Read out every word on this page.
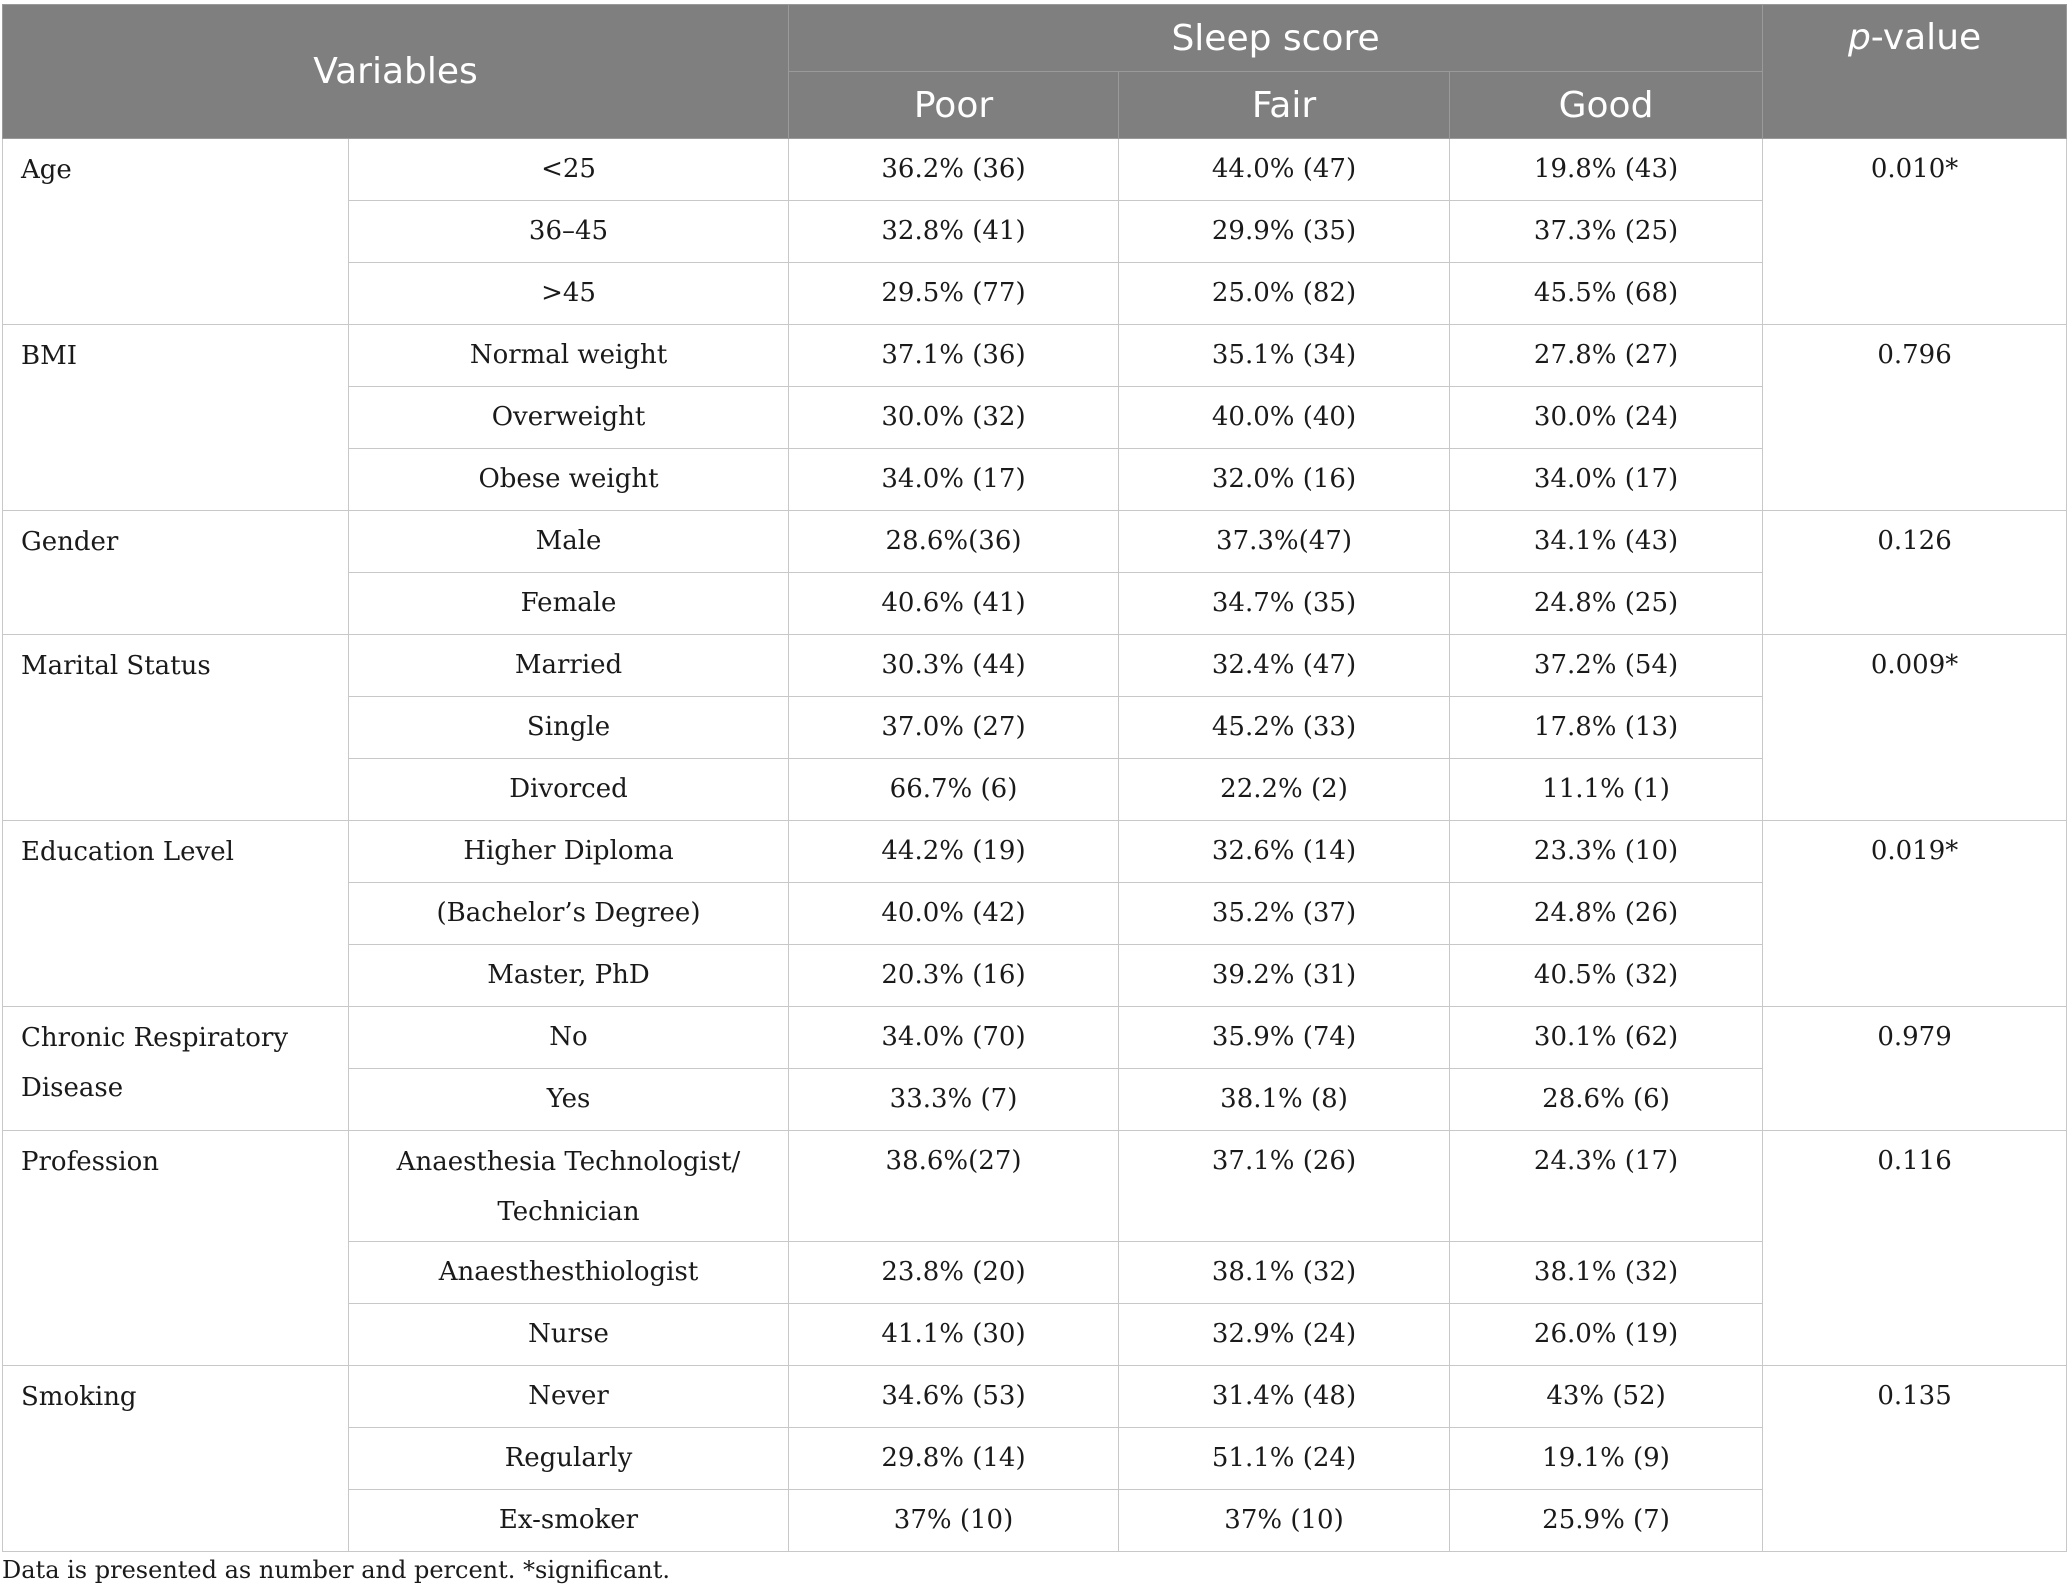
Variables		Sleep score			p-value
		Poor	Fair	Good	
Age	<25	36.2% (36)	44.0% (47)	19.8% (43)	0.010*
	36–45	32.8% (41)	29.9% (35)	37.3% (25)	
	>45	29.5% (77)	25.0% (82)	45.5% (68)	
BMI	Normal weight	37.1% (36)	35.1% (34)	27.8% (27)	0.796
	Overweight	30.0% (32)	40.0% (40)	30.0% (24)	
	Obese weight	34.0% (17)	32.0% (16)	34.0% (17)	
Gender	Male	28.6%(36)	37.3%(47)	34.1% (43)	0.126
	Female	40.6% (41)	34.7% (35)	24.8% (25)	
Marital Status	Married	30.3% (44)	32.4% (47)	37.2% (54)	0.009*
	Single	37.0% (27)	45.2% (33)	17.8% (13)	
	Divorced	66.7% (6)	22.2% (2)	11.1% (1)	
Education Level	Higher Diploma	44.2% (19)	32.6% (14)	23.3% (10)	0.019*
	(Bachelor’s Degree)	40.0% (42)	35.2% (37)	24.8% (26)	
	Master, PhD	20.3% (16)	39.2% (31)	40.5% (32)	
Chronic Respiratory Disease	No	34.0% (70)	35.9% (74)	30.1% (62)	0.979
	Yes	33.3% (7)	38.1% (8)	28.6% (6)	
Profession	Anaesthesia Technologist/ Technician	38.6%(27)	37.1% (26)	24.3% (17)	0.116
	Anaesthesthiologist	23.8% (20)	38.1% (32)	38.1% (32)	
	Nurse	41.1% (30)	32.9% (24)	26.0% (19)	
Smoking	Never	34.6% (53)	31.4% (48)	43% (52)	0.135
	Regularly	29.8% (14)	51.1% (24)	19.1% (9)	
	Ex-smoker	37% (10)	37% (10)	25.9% (7)	
Data is presented as number and percent. *significant.
